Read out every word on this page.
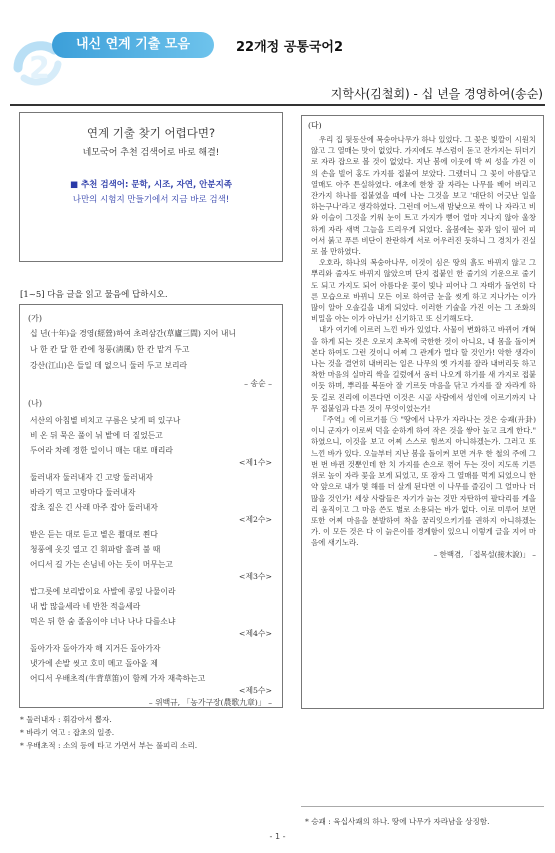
2
내신 연계 기출 모음	22개정 공통국어2
지학사(김철회) - 십 년을 경영하여(송순)
연계 기출 찾기 어렵다면?
네모국어 추천 검색어로 바로 해결!
■ 추천 검색어: 문학, 시조, 자연, 안분지족
나만의 시험지 만들기에서 지금 바로 검색!
[1~5] 다음 글을 읽고 물음에 답하시오.
(가)
십 년(十年)을 경영(經營)하여 초려삼간(草廬三間) 지어 내니
나 한 칸 달 한 칸에 청풍(淸風) 한 칸 맡겨 두고
강산(江山)은 들일 데 없으니 둘러 두고 보리라
– 송순 –
(나)
서산의 아침볕 비치고 구름은 낮게 떠 있구나
비 온 뒤 묵은 풀이 뉘 밭에 더 짙었든고
두어라 차례 정한 일이니 매는 대로 매리라
<제1수>
둘러내자 둘러내자 긴 고랑 둘러내자
바라기 역고 고랑마다 둘러내자
잡초 짙은 긴 사래 마주 잡아 둘러내자
<제2수>
받은 듣는 대로 듣고 볕은 쬘대로 쬔다
청풍에 옷깃 열고 긴 휘파람 흘려 불 때
어디서 길 가는 손님네 아는 듯이 머무는고
<제3수>
밥그릇에 보리밥이요 사발에 콩잎 나물이라
내 밥 많을세라 네 반찬 적을세라
먹은 뒤 한 숨 졸음이야 너나 나나 다를소냐
<제4수>
돌아가자 돌아가자 해 지거든 돌아가자
냇가에 손발 씻고 호미 메고 돌아올 제
어디서 우배초적(牛背草笛)이 함께 가자 재촉하는고
<제5수>
– 위백규, 「농가구장(農歌九章)」 –
* 둘러내자 : 휘감아서 뽑자.
* 바라기 역고 : 잡초의 일종.
* 우배초적 : 소의 등에 타고 가면서 부는 풀피리 소리.
(다)

우리 집 뒷동산에 복숭아나무가 하나 있었다. 그 꽃은 빛깔이 시원치 않고 그 열매는 맛이 없었다. 가지에도 부스럼이 돋고 잔가지는 뒤더기로 자라 잡으로 볼 것이 없었다. 지난 봄에 이웃에 박 씨 성을 가진 이의 손을 빌어 홍도 가지를 접붙여 보았다. 그랬더니 그 꽃이 아름답고 열매도 아주 튼실하였다. 애초에 한창 잘 자라는 나무를 베어 버리고 잔가지 하나를 접붙였을 때에 나는 그것을 보고 '대단히 어긋난 일을 하는구나'라고 생각하였다. 그런데 어느새 밤낮으로 싹이 나 자라고 비와 이슬이 그것을 키워 눈이 트고 가지가 뻗어 얼마 지나지 않아 울창하게 자라 새벽 그늘을 드리우게 되었다. 올봄에는 꽃과 잎이 필어 피어서 붉고 푸른 비단이 찬란하게 서로 어우러진 듯하니 그 경치가 진실로 볼 만하였다.

오호라, 하나의 복숭아나무, 이것이 심은 땅의 흙도 바뀌지 않고 그 뿌리와 줄자도 바뀌지 않았으며 단지 접붙인 한 줄기의 기운으로 줄기도 되고 가지도 되어 아름다운 꽃이 빛나 피어나 그 자태가 돌연히 다른 모습으로 바뀌니 모든 이로 하여금 눈을 씻게 하고 지나가는 이가 많이 알아 오솔길을 내게 되었다. 이러한 기술을 가진 이는 그 조화의 비밀을 아는 이가 아닌가! 신기하고 또 신기해도다.

내가 여기에 이르러 느낀 바가 있었다. 사물이 변화하고 바뀌어 개혁을 하게 되는 것은 오로지 초목에 국한한 것이 아니요, 내 몸을 돌이켜 본다 하여도 그런 것이니 어찌 그 관계가 멀다 할 것인가! 악한 생각이 나는 것을 결연히 내버리는 일은 나무의 옛 가지를 잘라 내버리듯 하고 착한 마음의 실마리 싹을 길렀에서 움터 나오게 하기를 새 가지로 접붙이듯 하며, 뿌리를 북돋아 잘 기르듯 마음을 닦고 가지를 잘 자라게 하듯 길로 진리에 이른다면 이것은 시골 사람에서 성인에 이르기까지 나무 접붙임과 다른 것이 무엇이었는가!

『주역』에 이르기를 ㉠ "땅에서 나무가 자라나는 것은 승괘(升卦)이니 군자가 이로써 덕을 순하게 하여 작은 것을 쌓아 높고 크게 한다." 하였으니, 이것을 보고 어찌 스스로 힘쓰지 아니하겠는가. 그러고 또 느낀 바가 있다. 오늘부터 지난 봄을 돌이켜 보면 겨우 한 철의 주에 그 번 번 바뀐 것뿐인데 한 치 가지를 손으로 꺾어 두는 것이 지도록 기른 위로 높이 자라 꽃을 보게 되었고, 또 잠자 그 열매를 먹게 되었으니 한약 앞으로 내가 몇 해를 더 살게 된다면 이 나무를 즐김이 그 얼마나 더 많을 것인가! 세상 사람들은 자기가 늙는 것만 자탄하여 팔다리를 게을리 움직이고 그 마음 쓴도 별로 소용되는 바가 없다. 이로 미루어 보면 또한 어찌 마음을 분발하여 착을 꿈리잇으키기를 권하지 아니하겠는가. 이 모든 것은 다 이 늙은이를 경계함이 있으니 이렇게 글을 지어 마음에 새기노라.

– 한백겸, 「접목설(接木說)」 –

* 승괘 : 육십사괘의 하나. 땅에 나무가 자라남을 상징함.
- 1 -
